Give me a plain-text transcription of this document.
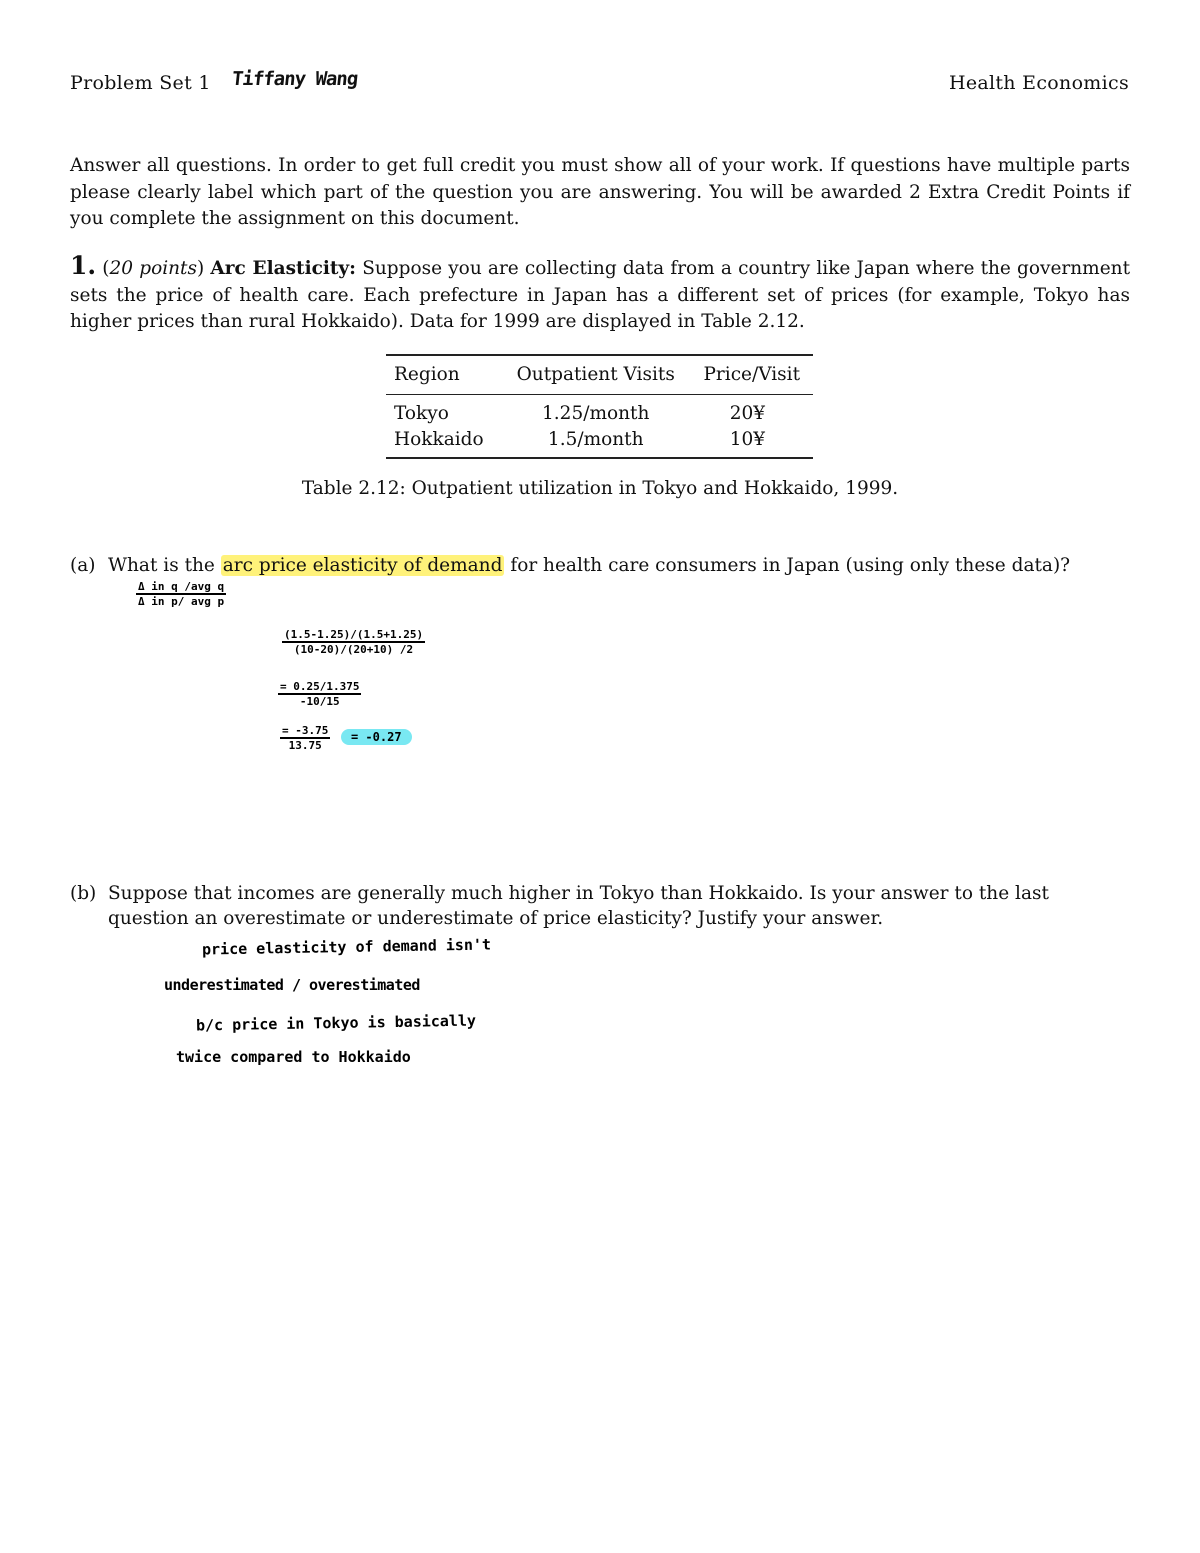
Problem Set 1 Tiffany Wang	Health Economics
Answer all questions. In order to get full credit you must show all of your work. If questions have multiple parts please clearly label which part of the question you are answering. You will be awarded 2 Extra Credit Points if you complete the assignment on this document.
1. (20 points) Arc Elasticity: Suppose you are collecting data from a country like Japan where the government sets the price of health care. Each prefecture in Japan has a different set of prices (for example, Tokyo has higher prices than rural Hokkaido). Data for 1999 are displayed in Table 2.12.
Region	Outpatient Visits	Price/Visit
Tokyo	1.25/month	20¥
Hokkaido	1.5/month	10¥
Table 2.12: Outpatient utilization in Tokyo and Hokkaido, 1999.
(a) What is the arc price elasticity of demand for health care consumers in Japan (using only these data)?
$\frac{\text{Δ in q /avg q}}{\text{Δ in p/ avg p}}$
$\frac{(1.5-1.25)/(1.5+1.25)}{(10-20)/(20+10) /2}$
$\frac{= 0.25/1.375}{-10/15}$
$\frac{= -3.75}{13.75} = -0.27$
(b) Suppose that incomes are generally much higher in Tokyo than Hokkaido. Is your answer to the last question an overestimate or underestimate of price elasticity? Justify your answer.
price elasticity of demand isn't
underestimated / overestimated
b/c price in Tokyo is basically
twice compared to Hokkaido
